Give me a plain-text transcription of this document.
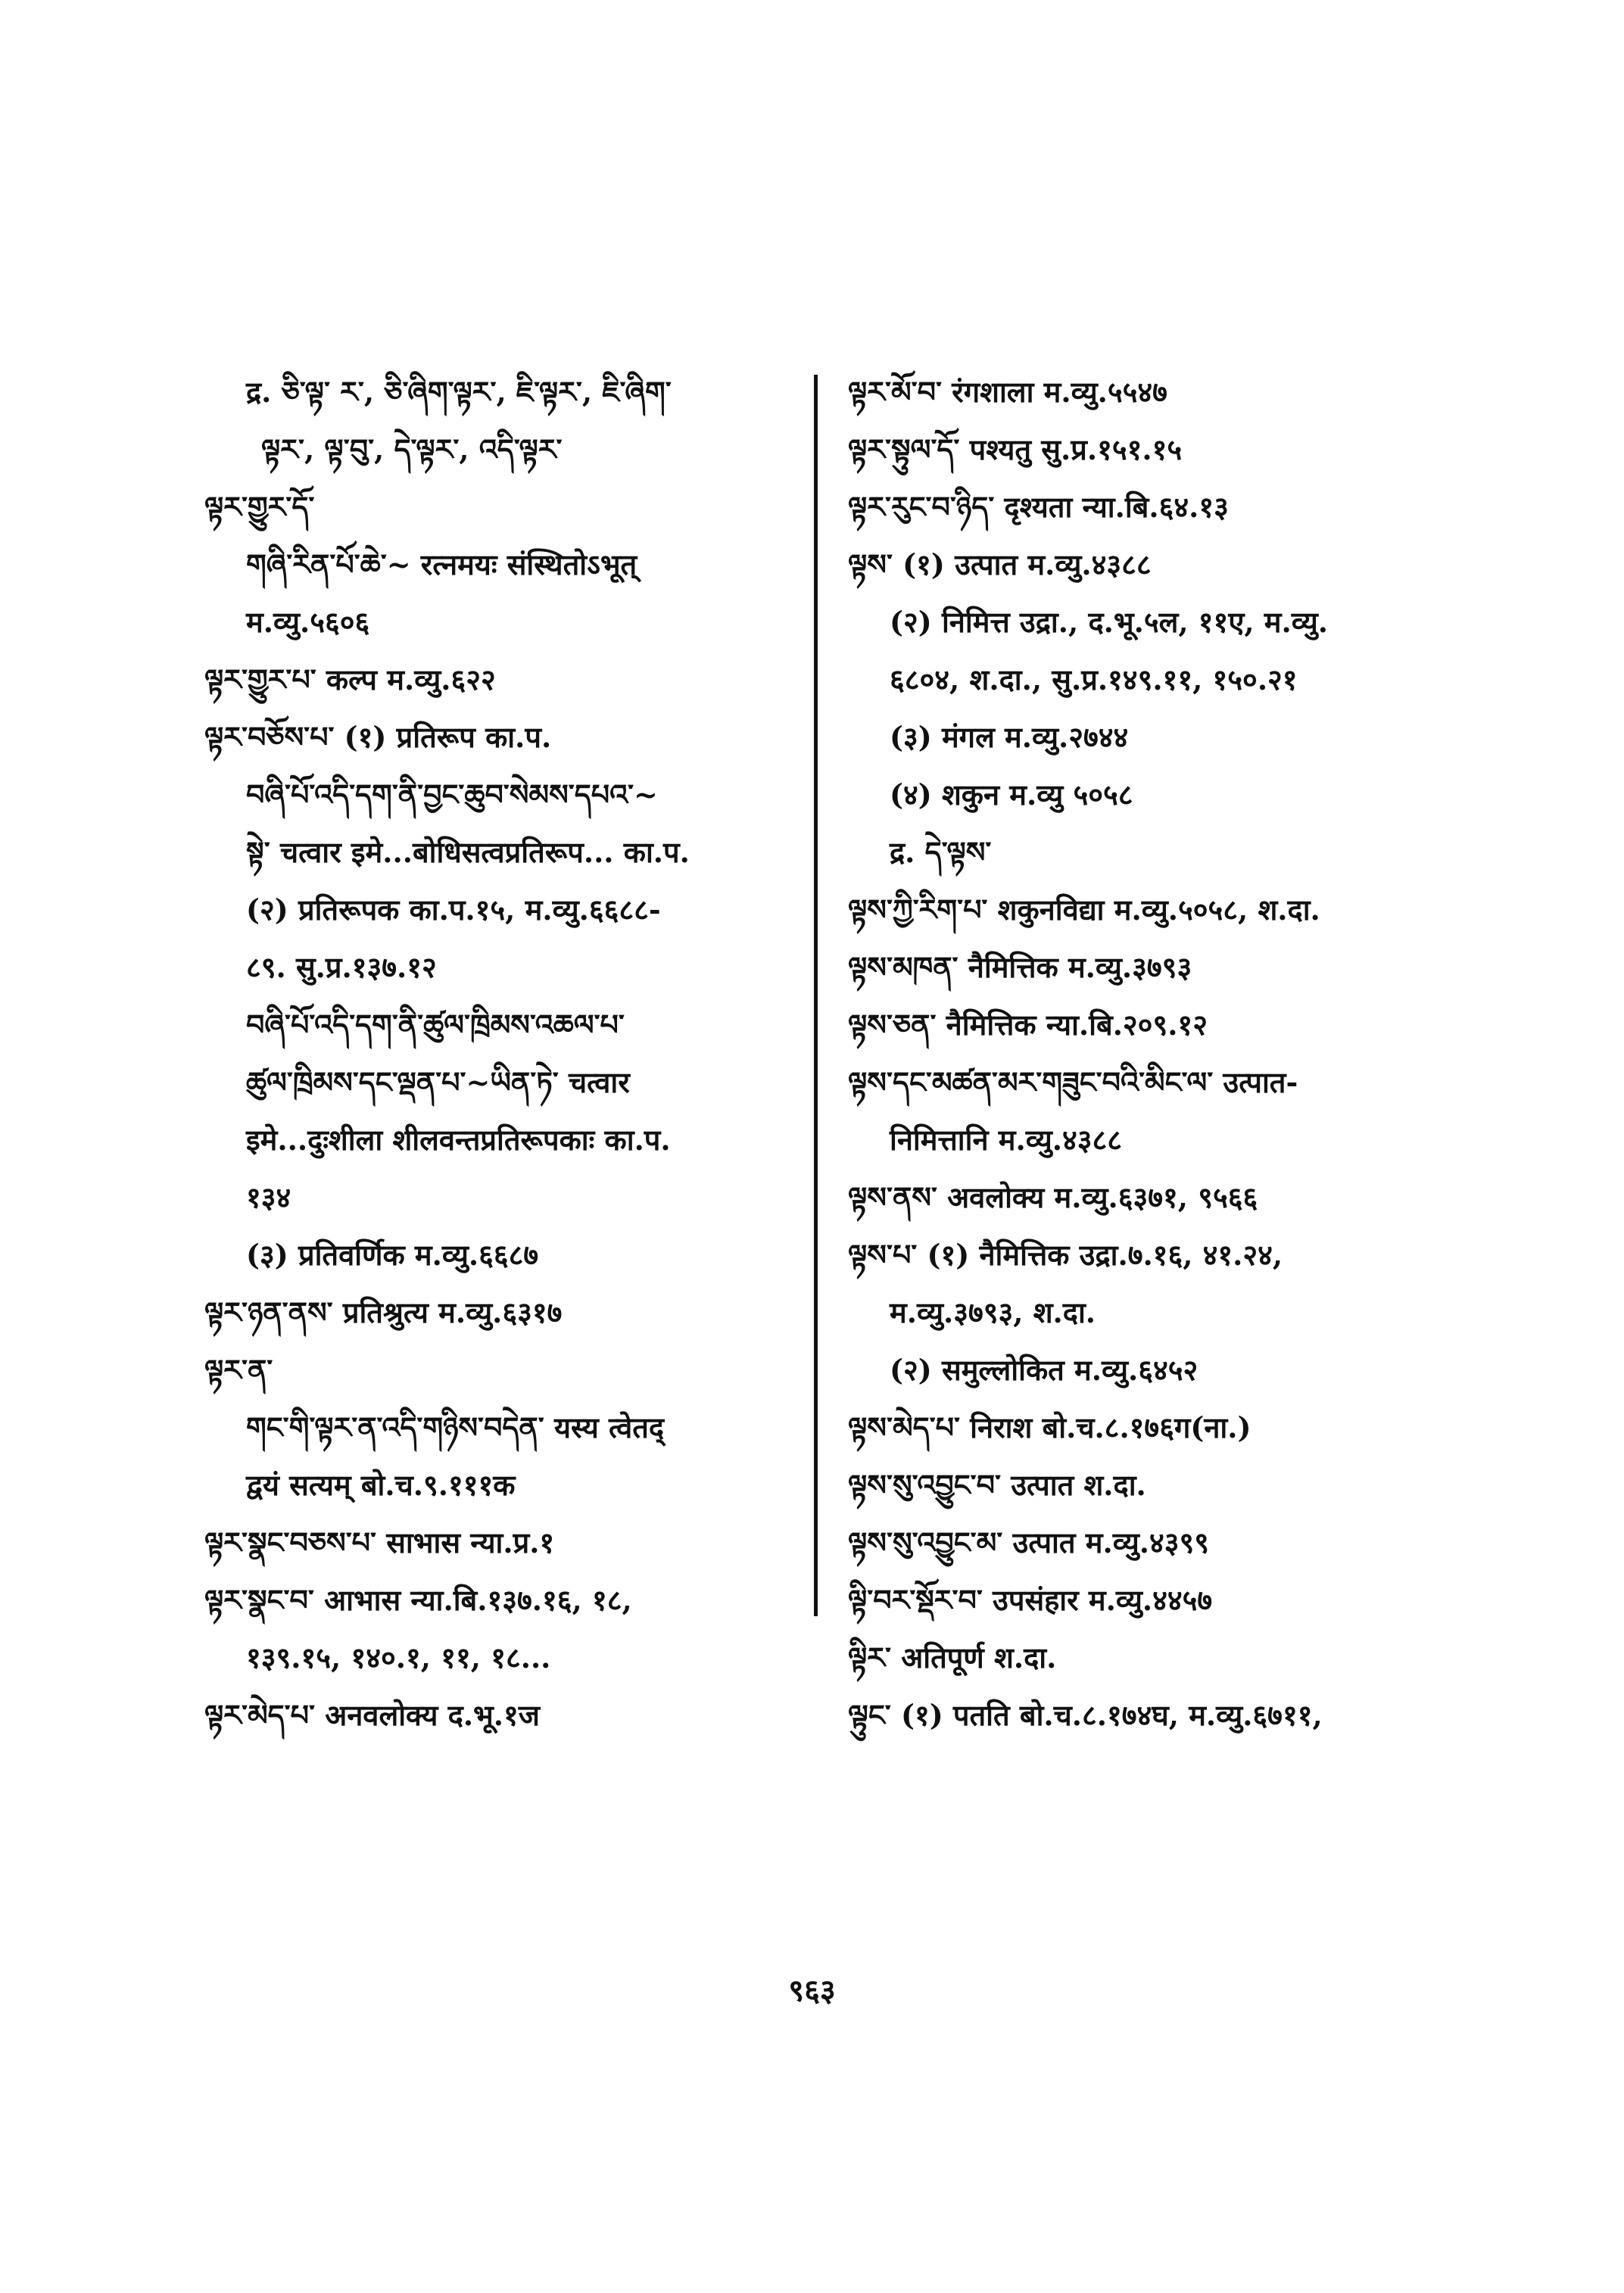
द्र. ཅི་ལྟ་ ར་, ཅི་ཞིག་ལྟར་, ཇི་ལྟར་, ཇི་ཞིག་
ལྟར་, ལྟ་བུ་, དེ་ལྟར་, འདི་ལྟར་
ལྟར་གྱུར་དོ་
གཞི་རིན་པོ་ཆེ་~ रत्नमयः संस्थितोऽभूत्
म.व्यु.५६०६
ལྟར་གྱུར་པ་ कल्प म.व्यु.६२२
ལྟར་བཅོས་པ་ (१) प्रतिरूप का.प.
བཞི་པོ་འདི་དག་ནི་བྱང་ཆུབ་སེམས་དཔའ་~
སྟེ་ चत्वार इमे...बोधिसत्वप्रतिरूप... का.प.
(२) प्रतिरूपक का.प.१५, म.व्यु.६६८८-
८९. सु.प्र.१३७.१२
བཞི་པོ་འདི་དག་ནི་ཚུལ་ཁྲིམས་འཆལ་པ་
ཚུལ་ཁྲིམས་དང་ལྡན་པ་~ཡིན་ཏེ་ चत्वार
इमे...दुःशीला शीलवन्तप्रतिरूपकाः का.प.
१३४
(३) प्रतिवर्णिक म.व्यु.६६८७
ལྟར་ཉན་ནས་ प्रतिश्रुत्य म.व्यु.६३१७
ལྟར་ན་
གང་གི་ལྟར་ན་འདི་གཉིས་བདེན་ यस्य त्वेतद्
द्वयं सत्यम् बो.च.९.१११क
ལྟར་སྣང་བཅས་པ་ साभास न्या.प्र.१
ལྟར་སྣང་བ་ आभास न्या.बि.१३७.१६, १८,
१३९.१५, १४०.१, ११, १८...
ལྟར་མེད་པ་ अनवलोक्य द.भू.१ज
ལྟར་མོ་བ་ रंगशाला म.व्यु.५५४७
ལྟར་སྟུལ་དོ་ पश्यतु सु.प्र.१५१.१५
ལྟར་རུང་བ་ཉིད་ दृश्यता न्या.बि.६४.१३
ལྟས་ (१) उत्पात म.व्यु.४३८८
(२) निमित्त उद्रा., द.भू.५ल, ११ए, म.व्यु.
६८०४, श.दा., सु.प्र.१४९.११, १५०.२१
(३) मंगल म.व्यु.२७४४
(४) शकुन म.व्यु ५०५८
द्र. དེ་ལྟས་
ལྟས་ཀྱི་རིག་པ་ शकुनविद्या म.व्यु.५०५८, श.दा.
ལྟས་མཁན་ नैमित्तिक म.व्यु.३७९३
ལྟས་ཅན་ नैमित्तिक न्या.बि.२०९.१२
ལྟས་དང་མཚན་མར་གཟུང་བའི་མིང་ལ་ उत्पात-
निमित्तानि म.व्यु.४३८८
ལྟས་ནས་ अवलोक्य म.व्यु.६३७१, ९५६६
ལྟས་པ་ (१) नैमित्तिक उद्रा.७.१६, ४१.२४,
म.व्यु.३७९३, श.दा.
(२) समुल्लोकित म.व्यु.६४५२
ལྟས་མེད་པ་ निराश बो.च.८.१७६ग(ना.)
ལྟས་སུ་འབྱུང་བ་ उत्पात श.दा.
ལྟས་སུ་འབྱུང་མ་ उत्पात म.व्यु.४३९९
ལྟི་བར་སྡོར་བ་ उपसंहार म.व्यु.४४५७
ལྟིར་ अतिपूर्ण श.दा.
ལྟུང་ (१) पतति बो.च.८.१७४घ, म.व्यु.६७११,
९६३
